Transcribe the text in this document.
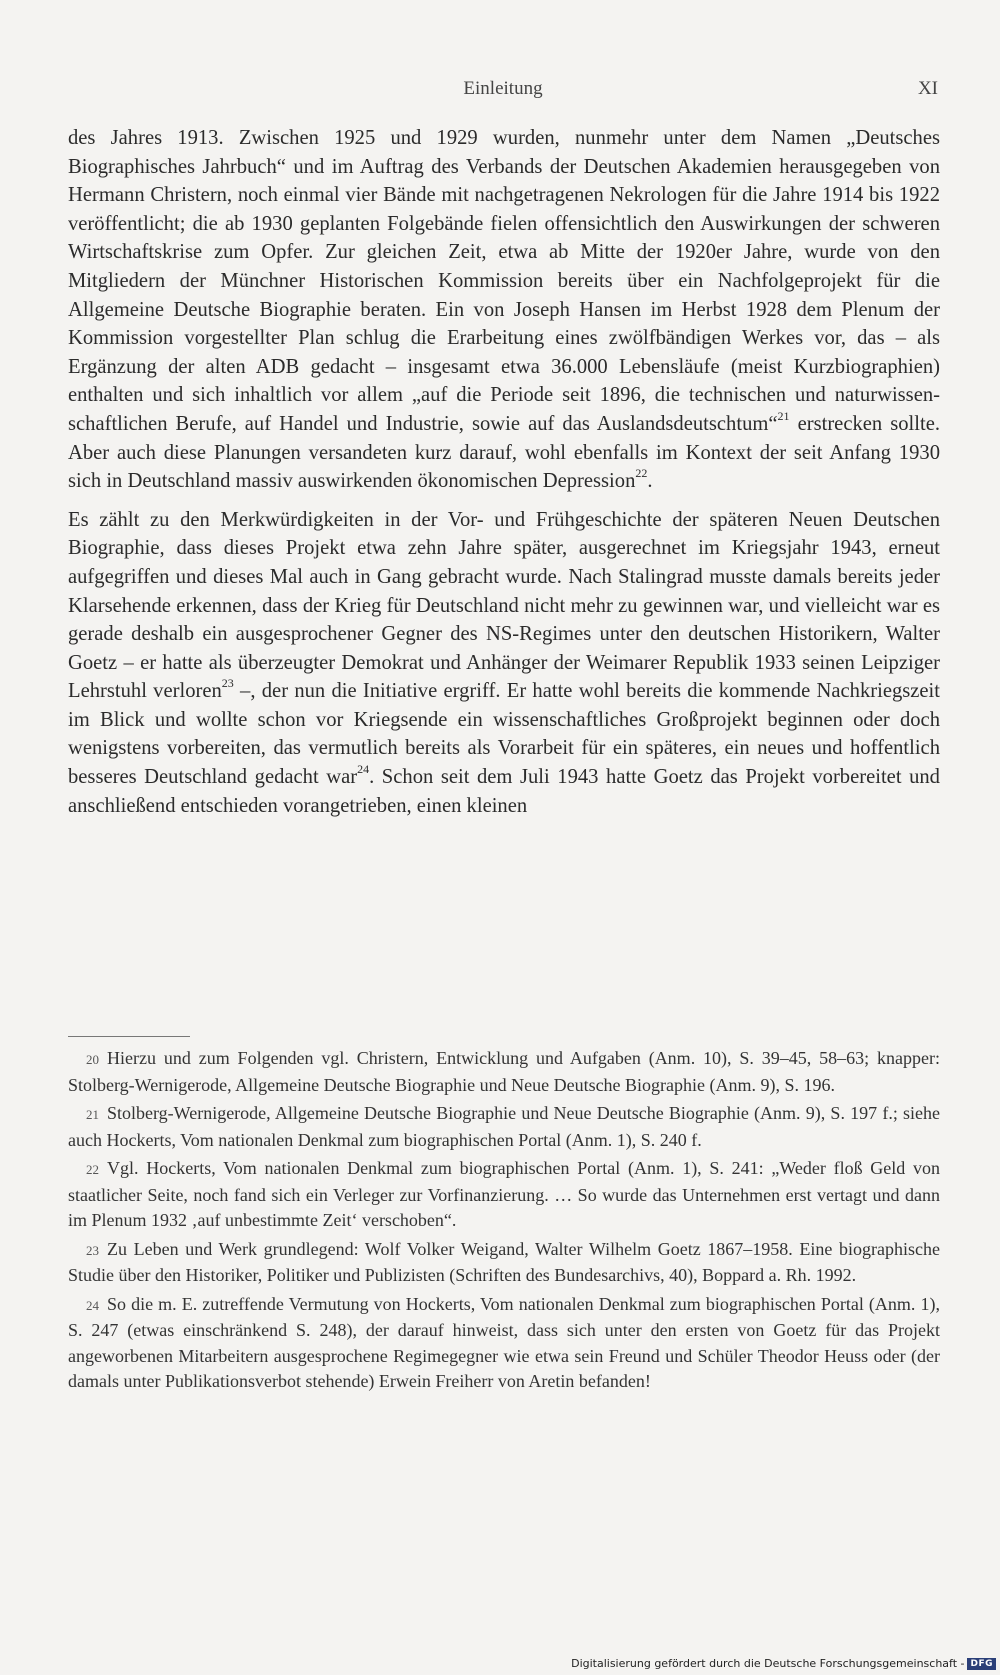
Einleitung	XI

des Jahres 1913. Zwischen 1925 und 1929 wurden, nunmehr unter dem Namen „Deutsches Biographisches Jahrbuch“ und im Auftrag des Verbands der Deutschen Akademien herausgegeben von Hermann Christern, noch einmal vier Bände mit nachgetragenen Nekrologen für die Jahre 1914 bis 1922 veröffentlicht; die ab 1930 geplanten Folgebände fielen offensichtlich den Auswirkungen der schweren Wirtschaftskrise zum Opfer. Zur gleichen Zeit, etwa ab Mitte der 1920er Jahre, wurde von den Mitgliedern der Münchner Historischen Kommission bereits über ein Nachfolgeprojekt für die Allgemeine Deutsche Biographie beraten. Ein von Joseph Hansen im Herbst 1928 dem Plenum der Kommission vorgestellter Plan schlug die Erarbeitung eines zwölfbändigen Werkes vor, das – als Ergänzung der alten ADB gedacht – insgesamt etwa 36.000 Lebensläufe (meist Kurzbiographien) enthalten und sich inhaltlich vor allem „auf die Periode seit 1896, die technischen und naturwissenschaftlichen Berufe, auf Handel und Industrie, sowie auf das Auslandsdeutschtum“$^{21}$ erstrecken sollte. Aber auch diese Planungen versandeten kurz darauf, wohl ebenfalls im Kontext der seit Anfang 1930 sich in Deutschland massiv auswirkenden ökonomischen Depression$^{22}$.

Es zählt zu den Merkwürdigkeiten in der Vor- und Frühgeschichte der späteren Neuen Deutschen Biographie, dass dieses Projekt etwa zehn Jahre später, ausgerechnet im Kriegsjahr 1943, erneut aufgegriffen und dieses Mal auch in Gang gebracht wurde. Nach Stalingrad musste damals bereits jeder Klarsehende erkennen, dass der Krieg für Deutschland nicht mehr zu gewinnen war, und vielleicht war es gerade deshalb ein ausgesprochener Gegner des NS-Regimes unter den deutschen Historikern, Walter Goetz – er hatte als überzeugter Demokrat und Anhänger der Weimarer Republik 1933 seinen Leipziger Lehrstuhl verloren$^{23}$ –, der nun die Initiative ergriff. Er hatte wohl bereits die kommende Nachkriegszeit im Blick und wollte schon vor Kriegsende ein wissenschaftliches Großprojekt beginnen oder doch wenigstens vorbereiten, das vermutlich bereits als Vorarbeit für ein späteres, ein neues und hoffentlich besseres Deutschland gedacht war$^{24}$. Schon seit dem Juli 1943 hatte Goetz das Projekt vorbereitet und anschließend entschieden vorangetrieben, einen kleinen

20 Hierzu und zum Folgenden vgl. Christern, Entwicklung und Aufgaben (Anm. 10), S. 39–45, 58–63; knapper: Stolberg-Wernigerode, Allgemeine Deutsche Biographie und Neue Deutsche Biographie (Anm. 9), S. 196.

21 Stolberg-Wernigerode, Allgemeine Deutsche Biographie und Neue Deutsche Biographie (Anm. 9), S. 197 f.; siehe auch Hockerts, Vom nationalen Denkmal zum biographischen Portal (Anm. 1), S. 240 f.

22 Vgl. Hockerts, Vom nationalen Denkmal zum biographischen Portal (Anm. 1), S. 241: „Weder floß Geld von staatlicher Seite, noch fand sich ein Verleger zur Vorfinanzierung. … So wurde das Unternehmen erst vertagt und dann im Plenum 1932 ‚auf unbestimmte Zeit‘ verschoben“.

23 Zu Leben und Werk grundlegend: Wolf Volker Weigand, Walter Wilhelm Goetz 1867–1958. Eine biographische Studie über den Historiker, Politiker und Publizisten (Schriften des Bundesarchivs, 40), Boppard a. Rh. 1992.

24 So die m. E. zutreffende Vermutung von Hockerts, Vom nationalen Denkmal zum biographischen Portal (Anm. 1), S. 247 (etwas einschränkend S. 248), der darauf hinweist, dass sich unter den ersten von Goetz für das Projekt angeworbenen Mitarbeitern ausgesprochene Regimegegner wie etwa sein Freund und Schüler Theodor Heuss oder (der damals unter Publikationsverbot stehende) Erwein Freiherr von Aretin befanden!

Digitalisierung gefördert durch die Deutsche Forschungsgemeinschaft - DFG
